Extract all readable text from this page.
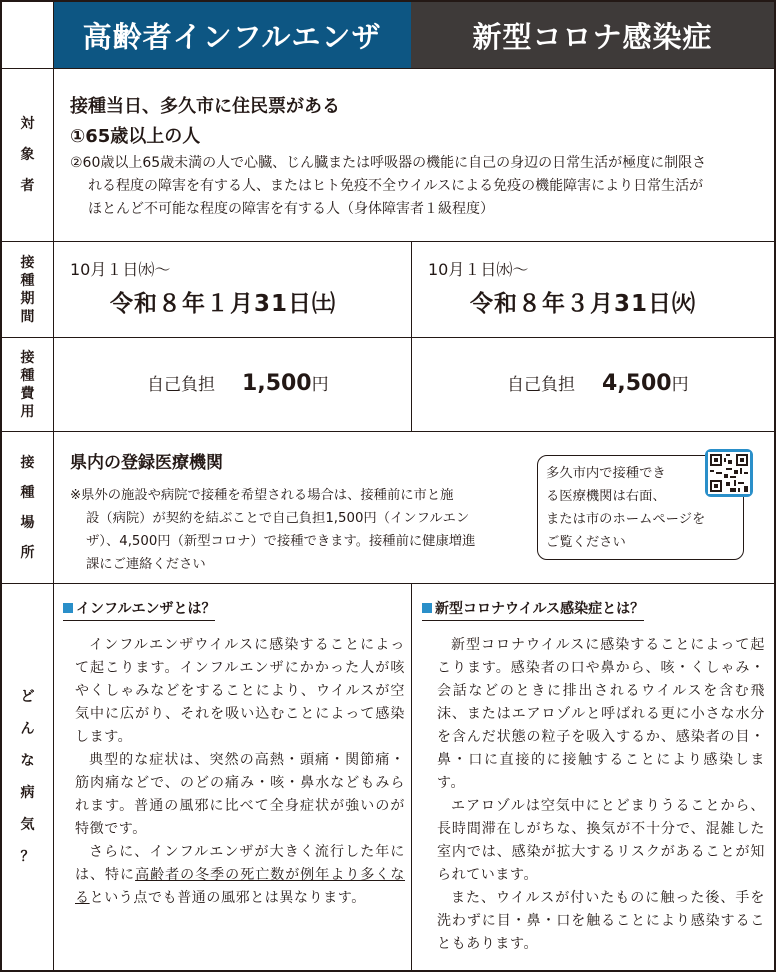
高齢者インフルエンザ	新型コロナ感染症
対
象
者
接
種
期
間
接
種
費
用
接
種
場
所
ど
ん
な
病
気
？
接種当日、多久市に住民票がある
①65歳以上の人
②60歳以上65歳未満の人で心臓、じん臓または呼吸器の機能に自己の身辺の日常生活が極度に制限さ
れる程度の障害を有する人、またはヒト免疫不全ウイルスによる免疫の機能障害により日常生活が
ほとんど不可能な程度の障害を有する人（身体障害者１級程度）
10月１日㈬～
令和８年１月31日㈯
10月１日㈬～
令和８年３月31日㈫
自己負担 1,500円	自己負担 4,500円
県内の登録医療機関
※県外の施設や病院で接種を希望される場合は、接種前に市と施
設（病院）が契約を結ぶことで自己負担1,500円（インフルエン
ザ）、4,500円（新型コロナ）で接種できます。接種前に健康増進
課にご連絡ください
多久市内で接種でき
る医療機関は右面、
または市のホームページを
ご覧ください
インフルエンザとは？

インフルエンザウイルスに感染することによって起こります。インフルエンザにかかった人が咳やくしゃみなどをすることにより、ウイルスが空気中に広がり、それを吸い込むことによって感染します。

典型的な症状は、突然の高熱・頭痛・関節痛・筋肉痛などで、のどの痛み・咳・鼻水などもみられます。普通の風邪に比べて全身症状が強いのが特徴です。

さらに、インフルエンザが大きく流行した年には、特に高齢者の冬季の死亡数が例年より多くなるという点でも普通の風邪とは異なります。

新型コロナウイルス感染症とは？

新型コロナウイルスに感染することによって起こります。感染者の口や鼻から、咳・くしゃみ・会話などのときに排出されるウイルスを含む飛沫、またはエアロゾルと呼ばれる更に小さな水分を含んだ状態の粒子を吸入するか、感染者の目・鼻・口に直接的に接触することにより感染します。

エアロゾルは空気中にとどまりうることから、長時間滞在しがちな、換気が不十分で、混雑した室内では、感染が拡大するリスクがあることが知られています。

また、ウイルスが付いたものに触った後、手を洗わずに目・鼻・口を触ることにより感染することもあります。
